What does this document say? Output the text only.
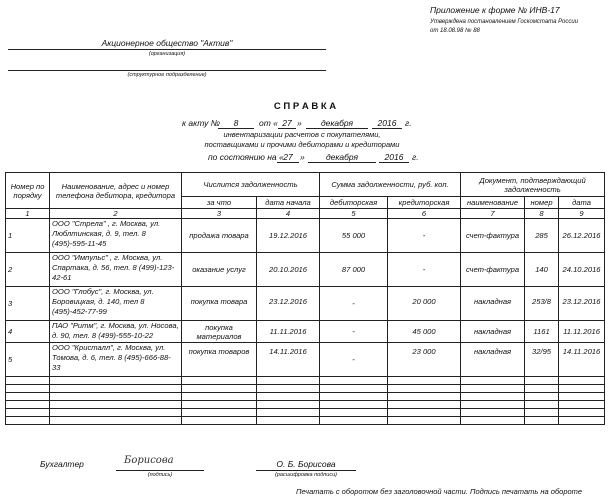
Приложение к форме № ИНВ-17
Утверждена постановлением Госкомстата России
от 18.08.98 № 88
Акционерное общество "Актив"
(организация)
(структурное подразделение)
С П Р А В К А
к акту №	8	от « 27 »	декабря	2016	г.
инвентаризации расчетов с покупателями,
поставщиками и прочими дебиторами и кредиторами
по состоянию на « 27 »	декабря	2016	г.
Номер по порядку	Наименование, адрес и номер телефона дебитора, кредитора	Числится задолженность		Сумма задолженности, руб. коп.		Документ, подтверждающий задолженность		
		за что	дата начала	дебиторская	кредиторская	наименование	номер	дата
1	2	3	4	5	6	7	8	9
1	ООО "Стрела" , г. Москва, ул. Люблтинская, д. 9, тел. 8 (495)-595-11-45	продажа товара	19.12.2016	55 000	-	счет-фактура	285	26.12.2016
2	ООО "Импульс" , г. Москва, ул. Спартака, д. 56, тел. 8 (499)-123-42-61	оказание услуг	20.10.2016	87 000	-	счет-фактура	140	24.10.2016
3	ООО "Глобус", г. Москва, ул. Боровицкая, д. 140, тел 8 (495)-452-77-99	покупка товара	23.12.2016	-	20 000	накладная	253/8	23.12.2016
4	ПАО "Ритм", г. Москва, ул. Носова, д. 90, тел. 8 (499)-555-10-22	покупка материалов	11.11.2016	-	45 000	накладная	1161	11.11.2016
5	ООО "Кристалл", г. Москва, ул. Томова, д. 6, тел. 8 (495)-666-88-33	покупка товаров	14.11.2016	-	23 000	накладная	32/95	14.11.2016

Бухгалтер	Борисова
(подпись)
О. Б. Борисова
(расшифровка подписи)
Печатать с оборотом без заголовочной части. Подпись печатать на обороте
